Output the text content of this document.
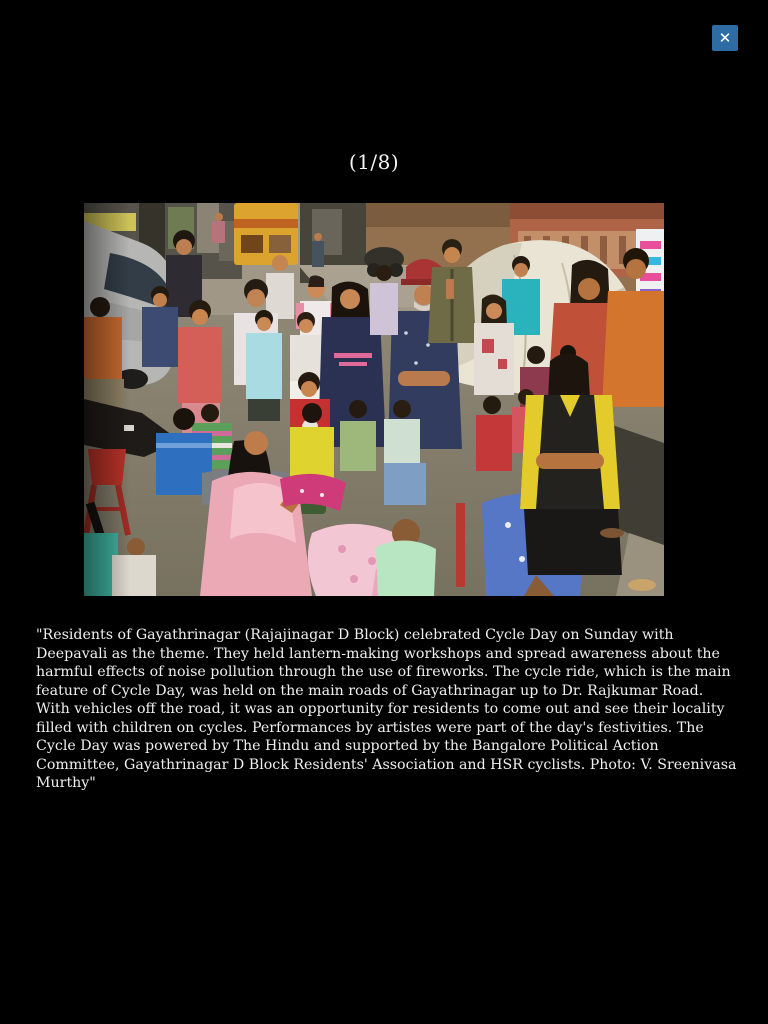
✕
(1/8)

"Residents of Gayathrinagar (Rajajinagar D Block) celebrated Cycle Day on Sunday with Deepavali as the theme. They held lantern-making workshops and spread awareness about the harmful effects of noise pollution through the use of fireworks. The cycle ride, which is the main feature of Cycle Day, was held on the main roads of Gayathrinagar up to Dr. Rajkumar Road. With vehicles off the road, it was an opportunity for residents to come out and see their locality filled with children on cycles. Performances by artistes were part of the day's festivities. The Cycle Day was powered by The Hindu and supported by the Bangalore Political Action Committee, Gayathrinagar D Block Residents' Association and HSR cyclists. Photo: V. Sreenivasa Murthy"
